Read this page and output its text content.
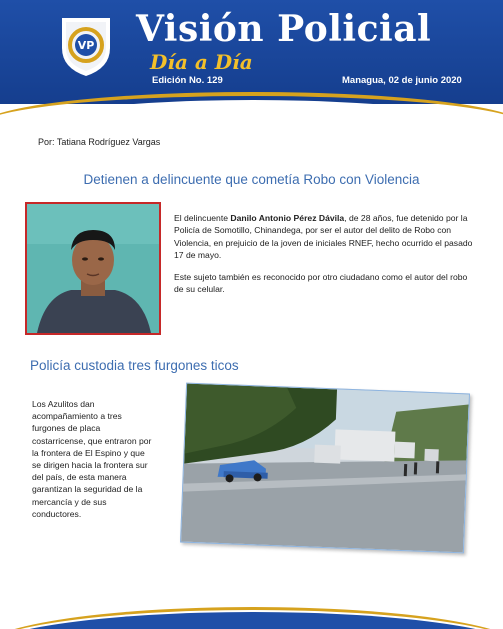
VP Visión Policial
Día a Día
Edición No. 129	Managua, 02 de junio 2020
Por: Tatiana Rodríguez Vargas
Detienen a delincuente que cometía Robo con Violencia

El delincuente Danilo Antonio Pérez Dávila, de 28 años, fue detenido por la Policía de Somotillo, Chinandega, por ser el autor del delito de Robo con Violencia, en prejuicio de la joven de iniciales RNEF, hecho ocurrido el pasado 17 de mayo.

Este sujeto también es reconocido por otro ciudadano como el autor del robo de su celular.

Policía custodia tres furgones ticos
Los Azulitos dan acompañamiento a tres furgones de placa costarricense, que entraron por la frontera de El Espino y que se dirigen hacia la frontera sur del país, de esta manera garantizan la seguridad de la mercancía y de sus conductores.
